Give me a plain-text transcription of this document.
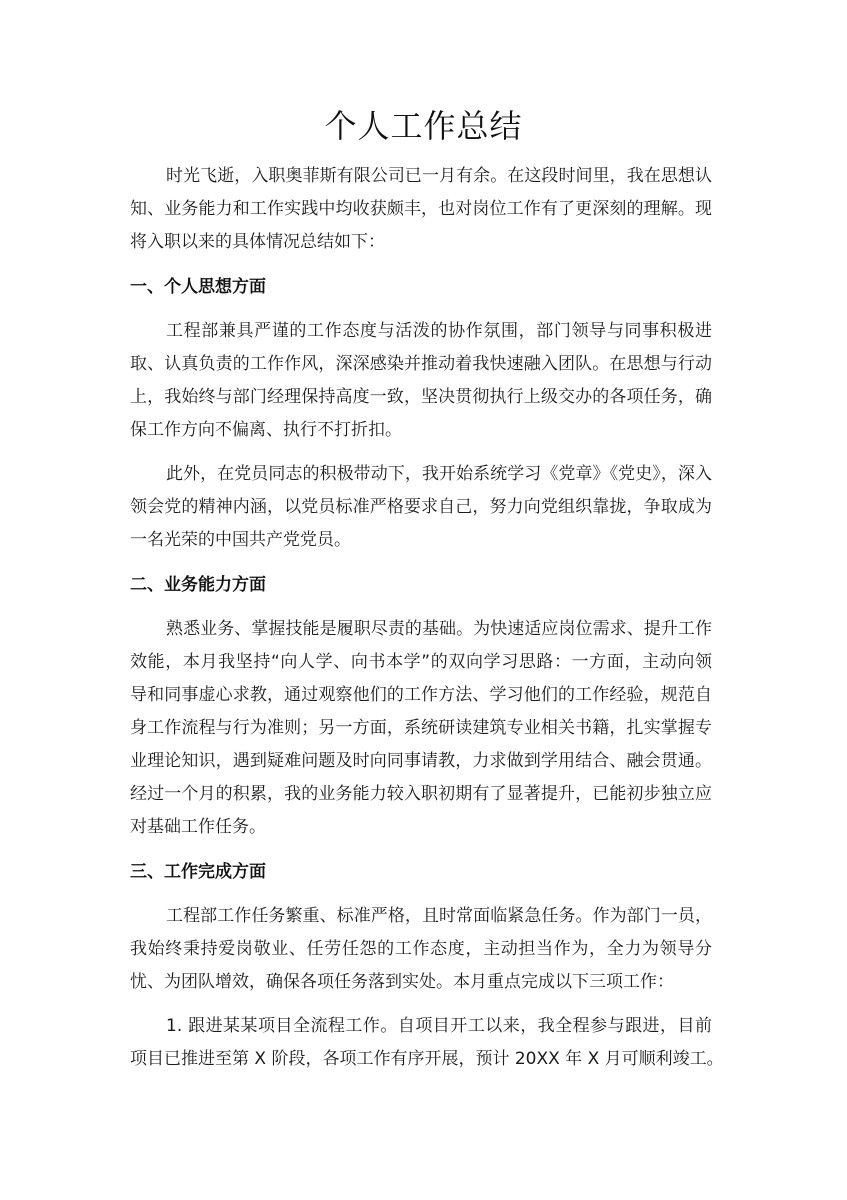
个人工作总结
时光飞逝，入职奥菲斯有限公司已一月有余。在这段时间里，我在思想认
知、业务能力和工作实践中均收获颇丰，也对岗位工作有了更深刻的理解。现
将入职以来的具体情况总结如下：
一、个人思想方面
工程部兼具严谨的工作态度与活泼的协作氛围，部门领导与同事积极进
取、认真负责的工作作风，深深感染并推动着我快速融入团队。在思想与行动
上，我始终与部门经理保持高度一致，坚决贯彻执行上级交办的各项任务，确
保工作方向不偏离、执行不打折扣。
此外，在党员同志的积极带动下，我开始系统学习《党章》《党史》，深入
领会党的精神内涵，以党员标准严格要求自己，努力向党组织靠拢，争取成为
一名光荣的中国共产党党员。
二、业务能力方面
熟悉业务、掌握技能是履职尽责的基础。为快速适应岗位需求、提升工作
效能，本月我坚持“向人学、向书本学”的双向学习思路：一方面，主动向领
导和同事虚心求教，通过观察他们的工作方法、学习他们的工作经验，规范自
身工作流程与行为准则；另一方面，系统研读建筑专业相关书籍，扎实掌握专
业理论知识，遇到疑难问题及时向同事请教，力求做到学用结合、融会贯通。
经过一个月的积累，我的业务能力较入职初期有了显著提升，已能初步独立应
对基础工作任务。
三、工作完成方面
工程部工作任务繁重、标准严格，且时常面临紧急任务。作为部门一员，
我始终秉持爱岗敬业、任劳任怨的工作态度，主动担当作为，全力为领导分
忧、为团队增效，确保各项任务落到实处。本月重点完成以下三项工作：
1. 跟进某某项目全流程工作。自项目开工以来，我全程参与跟进，目前
项目已推进至第 X 阶段，各项工作有序开展，预计 20XX 年 X 月可顺利竣工。
